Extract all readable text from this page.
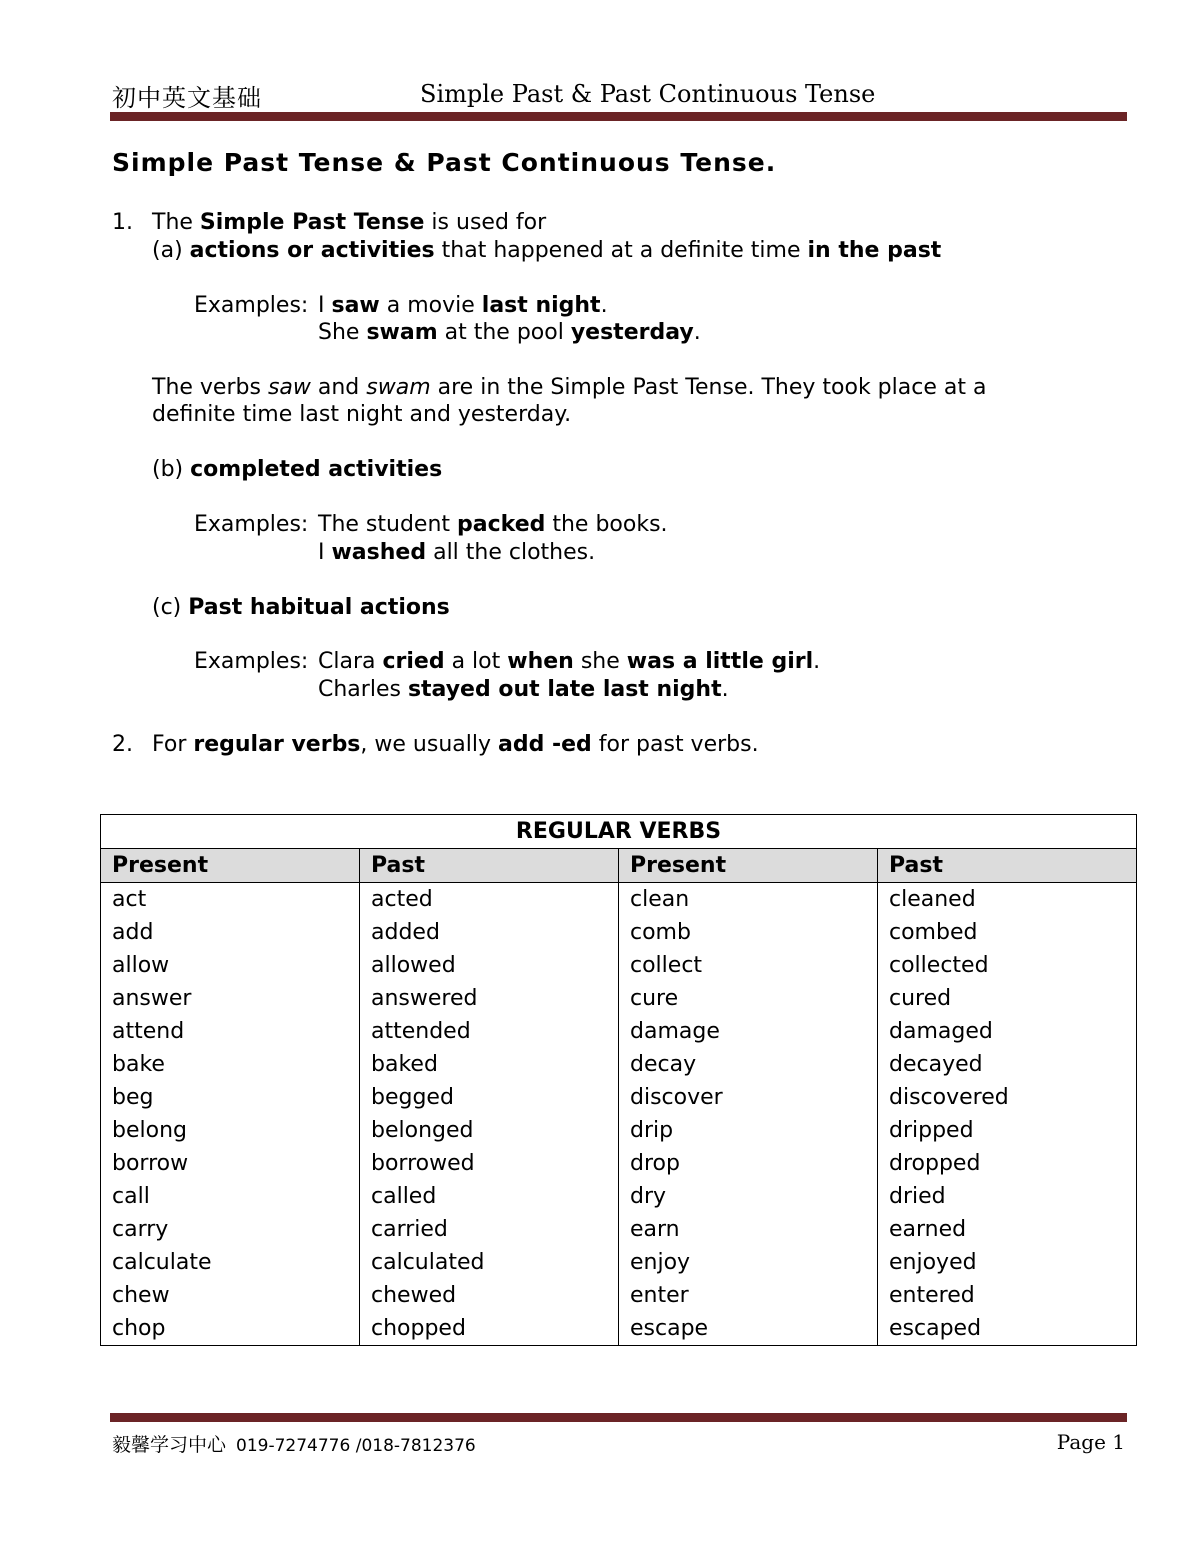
初中英文基础	Simple Past & Past Continuous Tense
Simple Past Tense & Past Continuous Tense.
1. The Simple Past Tense is used for
(a) actions or activities that happened at a definite time in the past
Examples: I saw a movie last night.
She swam at the pool yesterday.
The verbs saw and swam are in the Simple Past Tense. They took place at a
definite time last night and yesterday.
(b) completed activities
Examples: The student packed the books.
I washed all the clothes.
(c) Past habitual actions
Examples: Clara cried a lot when she was a little girl.
Charles stayed out late last night.
2. For regular verbs, we usually add -ed for past verbs.
REGULAR VERBS			
Present	Past	Present	Past
act	acted	clean	cleaned
add	added	comb	combed
allow	allowed	collect	collected
answer	answered	cure	cured
attend	attended	damage	damaged
bake	baked	decay	decayed
beg	begged	discover	discovered
belong	belonged	drip	dripped
borrow	borrowed	drop	dropped
call	called	dry	dried
carry	carried	earn	earned
calculate	calculated	enjoy	enjoyed
chew	chewed	enter	entered
chop	chopped	escape	escaped
毅馨学习中心 019-7274776 /018-7812376	Page 1
